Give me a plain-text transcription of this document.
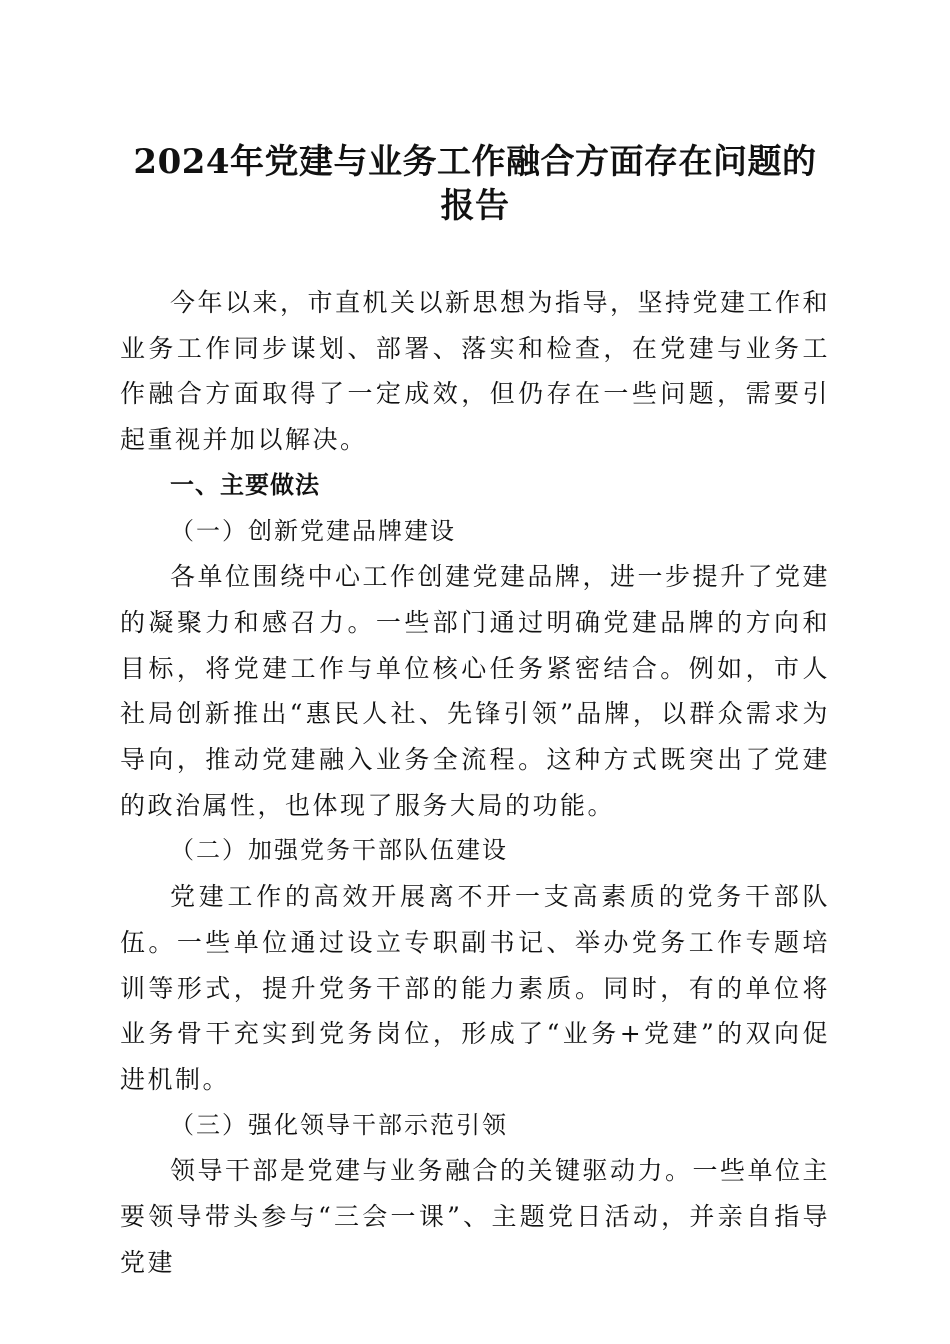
2024年党建与业务工作融合方面存在问题的
报告

今年以来，市直机关以新思想为指导，坚持党建工作和业务工作同步谋划、部署、落实和检查，在党建与业务工作融合方面取得了一定成效，但仍存在一些问题，需要引起重视并加以解决。

一、主要做法

（一）创新党建品牌建设

各单位围绕中心工作创建党建品牌，进一步提升了党建的凝聚力和感召力。一些部门通过明确党建品牌的方向和目标，将党建工作与单位核心任务紧密结合。例如，市人社局创新推出“惠民人社、先锋引领”品牌，以群众需求为导向，推动党建融入业务全流程。这种方式既突出了党建的政治属性，也体现了服务大局的功能。

（二）加强党务干部队伍建设

党建工作的高效开展离不开一支高素质的党务干部队伍。一些单位通过设立专职副书记、举办党务工作专题培训等形式，提升党务干部的能力素质。同时，有的单位将业务骨干充实到党务岗位，形成了“业务+党建”的双向促进机制。

（三）强化领导干部示范引领

领导干部是党建与业务融合的关键驱动力。一些单位主要领导带头参与“三会一课”、主题党日活动，并亲自指导党建
